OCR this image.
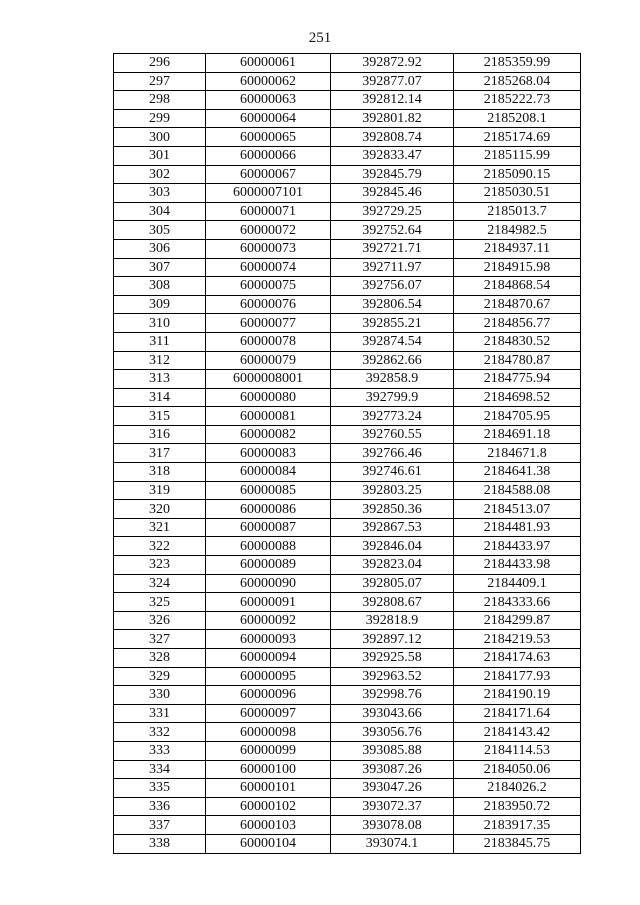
251
296	60000061	392872.92	2185359.99
297	60000062	392877.07	2185268.04
298	60000063	392812.14	2185222.73
299	60000064	392801.82	2185208.1
300	60000065	392808.74	2185174.69
301	60000066	392833.47	2185115.99
302	60000067	392845.79	2185090.15
303	6000007101	392845.46	2185030.51
304	60000071	392729.25	2185013.7
305	60000072	392752.64	2184982.5
306	60000073	392721.71	2184937.11
307	60000074	392711.97	2184915.98
308	60000075	392756.07	2184868.54
309	60000076	392806.54	2184870.67
310	60000077	392855.21	2184856.77
311	60000078	392874.54	2184830.52
312	60000079	392862.66	2184780.87
313	6000008001	392858.9	2184775.94
314	60000080	392799.9	2184698.52
315	60000081	392773.24	2184705.95
316	60000082	392760.55	2184691.18
317	60000083	392766.46	2184671.8
318	60000084	392746.61	2184641.38
319	60000085	392803.25	2184588.08
320	60000086	392850.36	2184513.07
321	60000087	392867.53	2184481.93
322	60000088	392846.04	2184433.97
323	60000089	392823.04	2184433.98
324	60000090	392805.07	2184409.1
325	60000091	392808.67	2184333.66
326	60000092	392818.9	2184299.87
327	60000093	392897.12	2184219.53
328	60000094	392925.58	2184174.63
329	60000095	392963.52	2184177.93
330	60000096	392998.76	2184190.19
331	60000097	393043.66	2184171.64
332	60000098	393056.76	2184143.42
333	60000099	393085.88	2184114.53
334	60000100	393087.26	2184050.06
335	60000101	393047.26	2184026.2
336	60000102	393072.37	2183950.72
337	60000103	393078.08	2183917.35
338	60000104	393074.1	2183845.75
